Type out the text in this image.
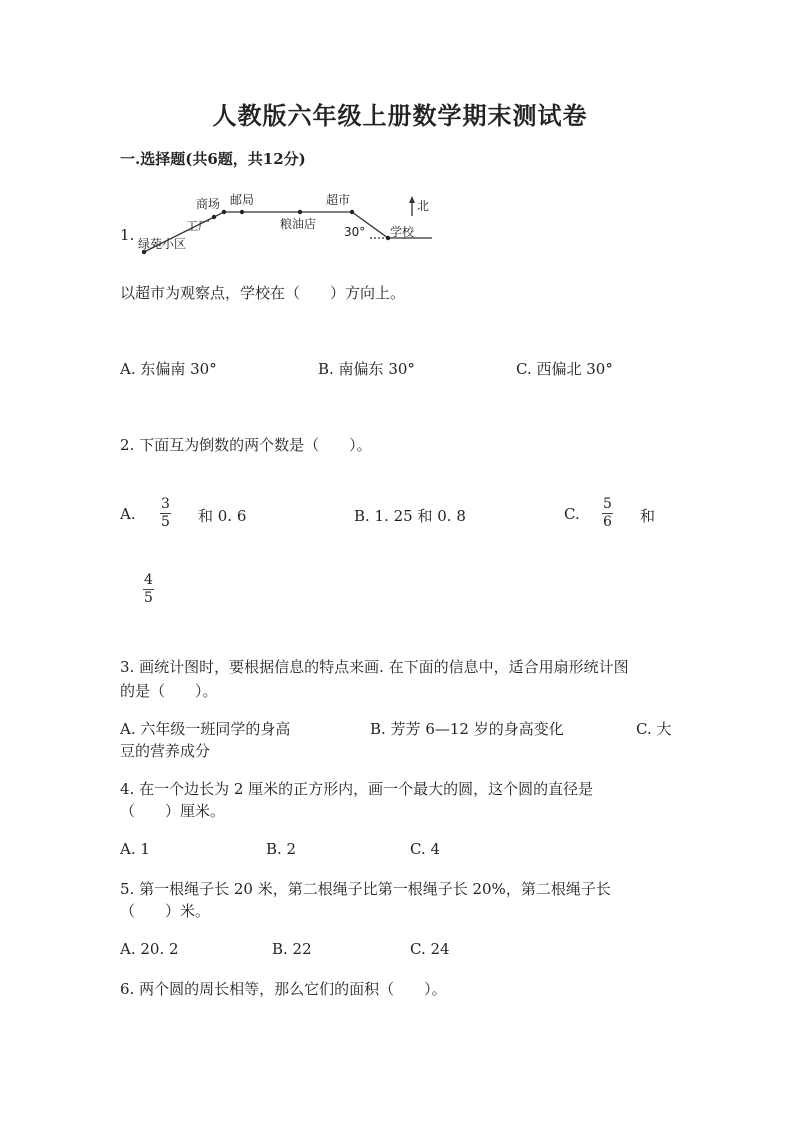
人教版六年级上册数学期末测试卷
一.选择题(共6题，共12分)
1.
商场 邮局	超市
工厂	粮油店
绿苑小区
学校
30°
北
以超市为观察点，学校在（　　）方向上。
A. 东偏南 30°	B. 南偏东 30°	C. 西偏北 30°
2. 下面互为倒数的两个数是（　　）。
A. $\frac{3}{5}$ 和 0. 6	B. 1. 25 和 0. 8	C. $\frac{5}{6}$ 和
$\frac{4}{5}$
3. 画统计图时，要根据信息的特点来画. 在下面的信息中，适合用扇形统计图
的是（　　）。
A. 六年级一班同学的身高	B. 芳芳 6—12 岁的身高变化	C. 大
豆的营养成分
4. 在一个边长为 2 厘米的正方形内，画一个最大的圆，这个圆的直径是
（　　）厘米。
A. 1	B. 2	C. 4
5. 第一根绳子长 20 米，第二根绳子比第一根绳子长 20%，第二根绳子长
（　　）米。
A. 20. 2	B. 22	C. 24
6. 两个圆的周长相等，那么它们的面积（　　）。
